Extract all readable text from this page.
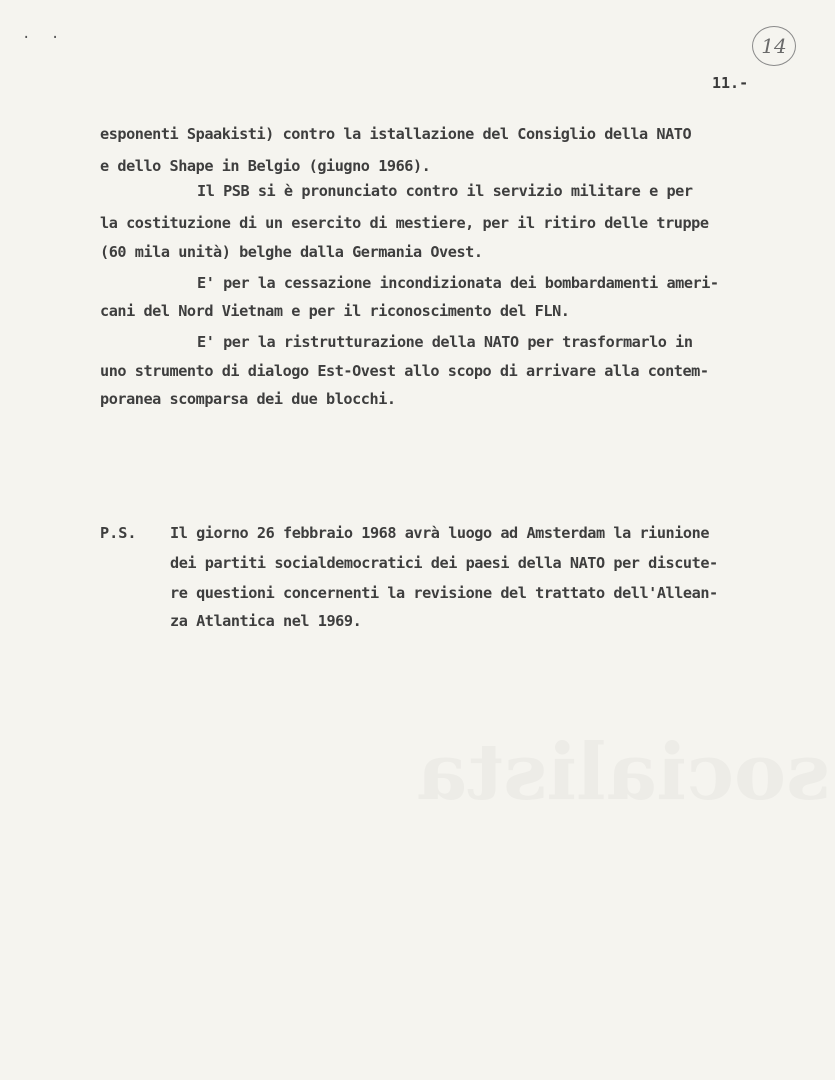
· ·	14
11.-
esponenti Spaakisti) contro la istallazione del Consiglio della NATO
e dello Shape in Belgio (giugno 1966).
Il PSB si è pronunciato contro il servizio militare e per
la costituzione di un esercito di mestiere, per il ritiro delle truppe
(60 mila unità) belghe dalla Germania Ovest.
E' per la cessazione incondizionata dei bombardamenti ameri-
cani del Nord Vietnam e per il riconoscimento del FLN.
E' per la ristrutturazione della NATO per trasformarlo in
uno strumento di dialogo Est-Ovest allo scopo di arrivare alla contem-
poranea scomparsa dei due blocchi.
P.S. Il giorno 26 febbraio 1968 avrà luogo ad Amsterdam la riunione
dei partiti socialdemocratici dei paesi della NATO per discute-
re questioni concernenti la revisione del trattato dell'Allean-
za Atlantica nel 1969.
